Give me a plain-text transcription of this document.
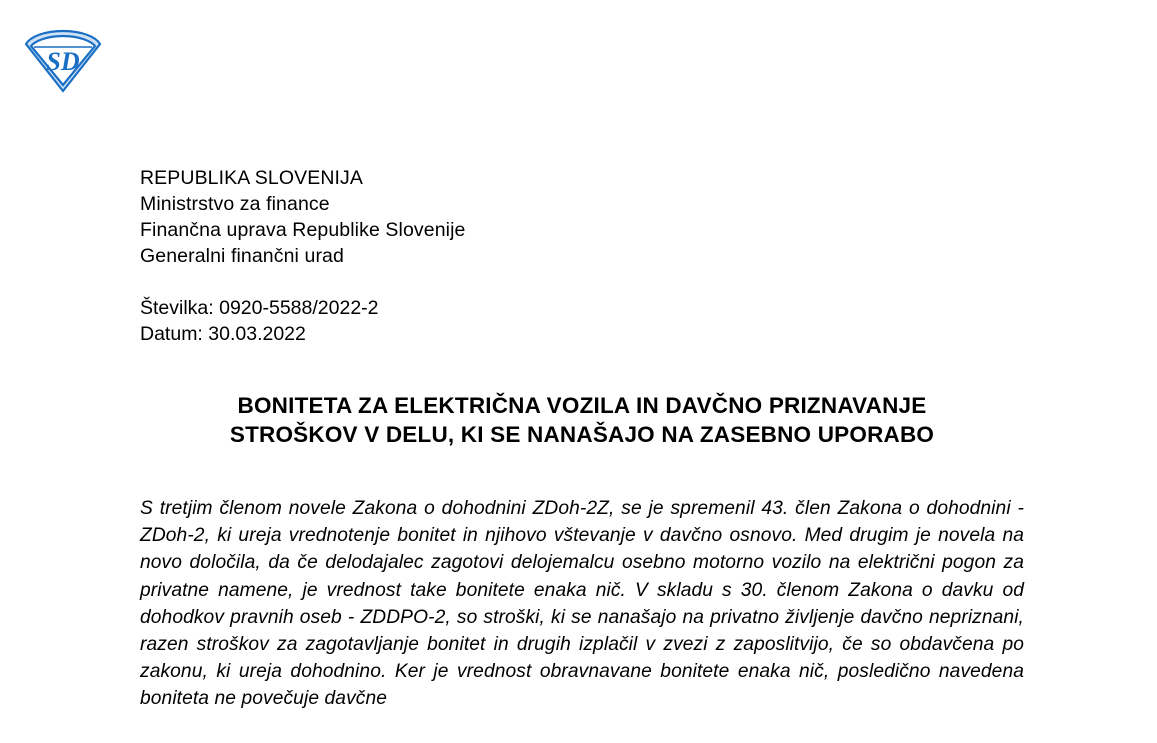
SD
REPUBLIKA SLOVENIJA
Ministrstvo za finance
Finančna uprava Republike Slovenije
Generalni finančni urad
Številka: 0920-5588/2022-2
Datum: 30.03.2022
BONITETA ZA ELEKTRIČNA VOZILA IN DAVČNO PRIZNAVANJE
STROŠKOV V DELU, KI SE NANAŠAJO NA ZASEBNO UPORABO

S tretjim členom novele Zakona o dohodnini ZDoh-2Z, se je spremenil 43. člen Zakona o dohodnini - ZDoh-2, ki ureja vrednotenje bonitet in njihovo vštevanje v davčno osnovo. Med drugim je novela na novo določila, da če delodajalec zagotovi delojemalcu osebno motorno vozilo na električni pogon za privatne namene, je vrednost take bonitete enaka nič. V skladu s 30. členom Zakona o davku od dohodkov pravnih oseb - ZDDPO-2, so stroški, ki se nanašajo na privatno življenje davčno nepriznani, razen stroškov za zagotavljanje bonitet in drugih izplačil v zvezi z zaposlitvijo, če so obdavčena po zakonu, ki ureja dohodnino. Ker je vrednost obravnavane bonitete enaka nič, posledično navedena boniteta ne povečuje davčne
